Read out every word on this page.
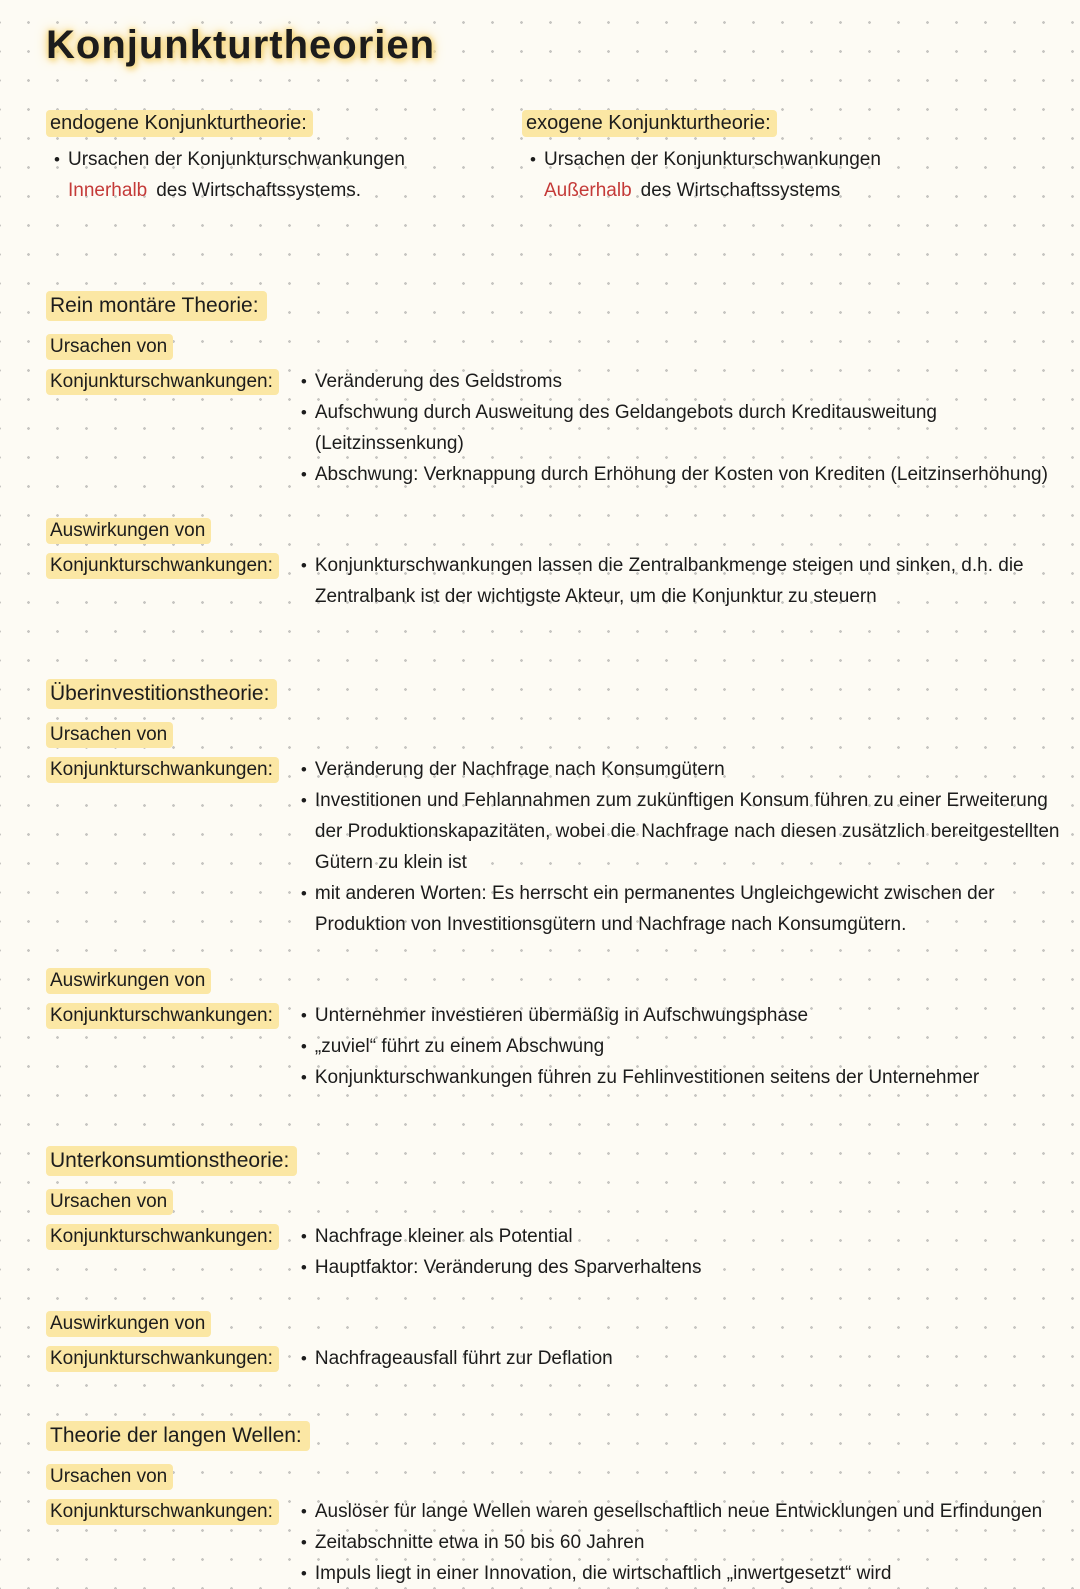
Konjunkturtheorien
endogene Konjunkturtheorie:
• Ursachen der Konjunkturschwankungen
Innerhalb des Wirtschaftssystems.
exogene Konjunkturtheorie:
• Ursachen der Konjunkturschwankungen
Außerhalb des Wirtschaftssystems
Rein montäre Theorie:
Ursachen von
Konjunkturschwankungen:	• Veränderung des Geldstroms
• Aufschwung durch Ausweitung des Geldangebots durch Kreditausweitung (Leitzinssenkung)
• Abschwung: Verknappung durch Erhöhung der Kosten von Krediten (Leitzinserhöhung)
Auswirkungen von
Konjunkturschwankungen:	• Konjunkturschwankungen lassen die Zentralbankmenge steigen und sinken, d.h. die Zentralbank ist der wichtigste Akteur, um die Konjunktur zu steuern
Überinvestitionstheorie:
Ursachen von
Konjunkturschwankungen:	• Veränderung der Nachfrage nach Konsumgütern
• Investitionen und Fehlannahmen zum zukünftigen Konsum führen zu einer Erweiterung der Produktionskapazitäten, wobei die Nachfrage nach diesen zusätzlich bereitgestellten Gütern zu klein ist
• mit anderen Worten: Es herrscht ein permanentes Ungleichgewicht zwischen der Produktion von Investitionsgütern und Nachfrage nach Konsumgütern.
Auswirkungen von
Konjunkturschwankungen:	• Unternehmer investieren übermäßig in Aufschwungsphase
• „zuviel“ führt zu einem Abschwung
• Konjunkturschwankungen führen zu Fehlinvestitionen seitens der Unternehmer
Unterkonsumtionstheorie:
Ursachen von
Konjunkturschwankungen:	• Nachfrage kleiner als Potential
• Hauptfaktor: Veränderung des Sparverhaltens
Auswirkungen von
Konjunkturschwankungen:	• Nachfrageausfall führt zur Deflation
Theorie der langen Wellen:
Ursachen von
Konjunkturschwankungen:	• Auslöser für lange Wellen waren gesellschaftlich neue Entwicklungen und Erfindungen
• Zeitabschnitte etwa in 50 bis 60 Jahren
• Impuls liegt in einer Innovation, die wirtschaftlich „inwertgesetzt“ wird
